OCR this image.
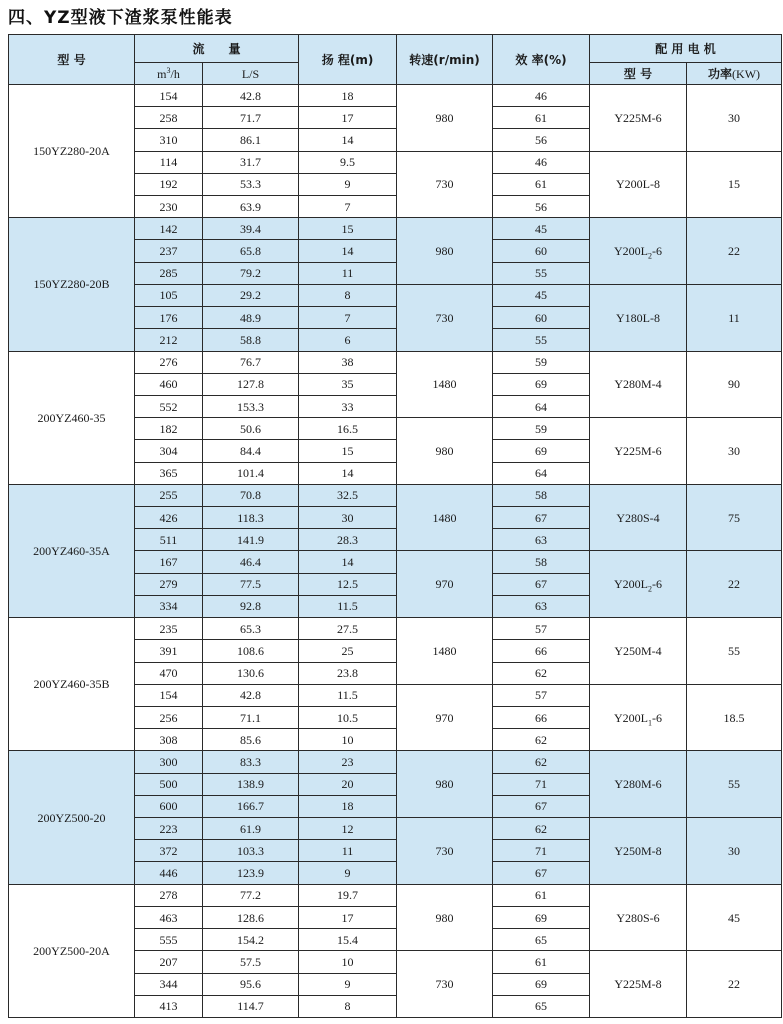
四、YZ型液下渣浆泵性能表
型 号	流　　量		扬 程(m)	转速(r/min)	效 率(%)	配 用 电 机	
	$m^3/h$	L/S				型 号	功率(KW)
150YZ280-20A	154	42.8	18	980	46	Y225M-6	30
	258	71.7	17		61		
	310	86.1	14		56		
	114	31.7	9.5	730	46	Y200L-8	15
	192	53.3	9		61		
	230	63.9	7		56		
150YZ280-20B	142	39.4	15	980	45	$Y200L_2-6$	22
	237	65.8	14		60		
	285	79.2	11		55		
	105	29.2	8	730	45	Y180L-8	11
	176	48.9	7		60		
	212	58.8	6		55		
200YZ460-35	276	76.7	38	1480	59	Y280M-4	90
	460	127.8	35		69		
	552	153.3	33		64		
	182	50.6	16.5	980	59	Y225M-6	30
	304	84.4	15		69		
	365	101.4	14		64		
200YZ460-35A	255	70.8	32.5	1480	58	Y280S-4	75
	426	118.3	30		67		
	511	141.9	28.3		63		
	167	46.4	14	970	58	$Y200L_2-6$	22
	279	77.5	12.5		67		
	334	92.8	11.5		63		
200YZ460-35B	235	65.3	27.5	1480	57	Y250M-4	55
	391	108.6	25		66		
	470	130.6	23.8		62		
	154	42.8	11.5	970	57	$Y200L_1-6$	18.5
	256	71.1	10.5		66		
	308	85.6	10		62		
200YZ500-20	300	83.3	23	980	62	Y280M-6	55
	500	138.9	20		71		
	600	166.7	18		67		
	223	61.9	12	730	62	Y250M-8	30
	372	103.3	11		71		
	446	123.9	9		67		
200YZ500-20A	278	77.2	19.7	980	61	Y280S-6	45
	463	128.6	17		69		
	555	154.2	15.4		65		
	207	57.5	10	730	61	Y225M-8	22
	344	95.6	9		69		
	413	114.7	8		65		
